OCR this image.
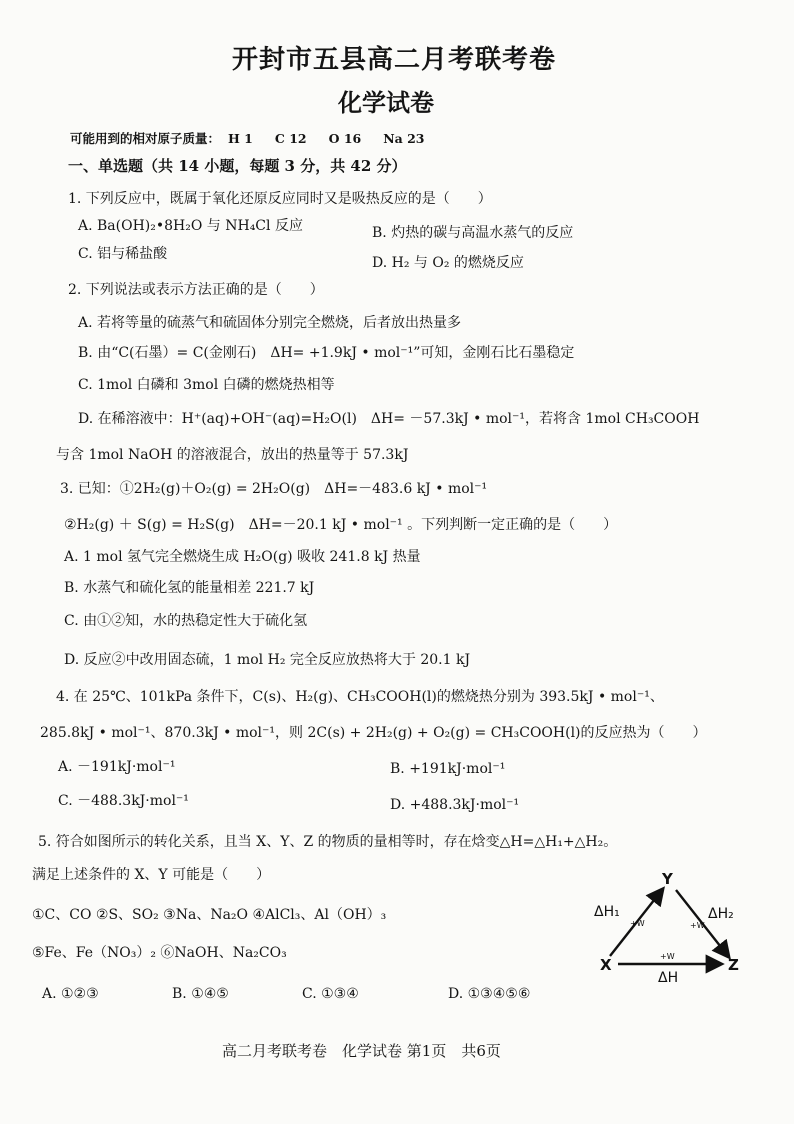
开封市五县高二月考联考卷
化学试卷
可能用到的相对原子质量： H 1 C 12 O 16 Na 23
一、单选题（共 14 小题，每题 3 分，共 42 分）
1. 下列反应中，既属于氧化还原反应同时又是吸热反应的是（　　）
A. Ba(OH)₂•8H₂O 与 NH₄Cl 反应	B. 灼热的碳与高温水蒸气的反应
C. 铝与稀盐酸
D. H₂ 与 O₂ 的燃烧反应
2. 下列说法或表示方法正确的是（　　）
A. 若将等量的硫蒸气和硫固体分别完全燃烧，后者放出热量多
B. 由“C(石墨）= C(金刚石)　ΔH= +1.9kJ • mol⁻¹”可知，金刚石比石墨稳定
C. 1mol 白磷和 3mol 白磷的燃烧热相等
D. 在稀溶液中：H⁺(aq)+OH⁻(aq)=H₂O(l)　ΔH= －57.3kJ • mol⁻¹，若将含 1mol CH₃COOH
与含 1mol NaOH 的溶液混合，放出的热量等于 57.3kJ
3. 已知：①2H₂(g)＋O₂(g) = 2H₂O(g)　ΔH=－483.6 kJ • mol⁻¹
②H₂(g) ＋ S(g) = H₂S(g)　ΔH=－20.1 kJ • mol⁻¹ 。下列判断一定正确的是（　　）
A. 1 mol 氢气完全燃烧生成 H₂O(g) 吸收 241.8 kJ 热量
B. 水蒸气和硫化氢的能量相差 221.7 kJ
C. 由①②知，水的热稳定性大于硫化氢
D. 反应②中改用固态硫，1 mol H₂ 完全反应放热将大于 20.1 kJ
4. 在 25℃、101kPa 条件下，C(s)、H₂(g)、CH₃COOH(l)的燃烧热分别为 393.5kJ • mol⁻¹、
285.8kJ • mol⁻¹、870.3kJ • mol⁻¹，则 2C(s) + 2H₂(g) + O₂(g) = CH₃COOH(l)的反应热为（　　）
A. －191kJ·mol⁻¹	B. +191kJ·mol⁻¹
C. －488.3kJ·mol⁻¹	D. +488.3kJ·mol⁻¹
5. 符合如图所示的转化关系，且当 X、Y、Z 的物质的量相等时，存在焓变△H=△H₁+△H₂。
满足上述条件的 X、Y 可能是（　　）
①C、CO ②S、SO₂ ③Na、Na₂O ④AlCl₃、Al（OH）₃
⑤Fe、Fe（NO₃）₂ ⑥NaOH、Na₂CO₃
A. ①②③	B. ①④⑤	C. ①③④	D. ①③④⑤⑥
Y
X	Z
ΔH₁	ΔH₂
ΔH
+W	+W
+W
高二月考联考卷　化学试卷 第1页　共6页
